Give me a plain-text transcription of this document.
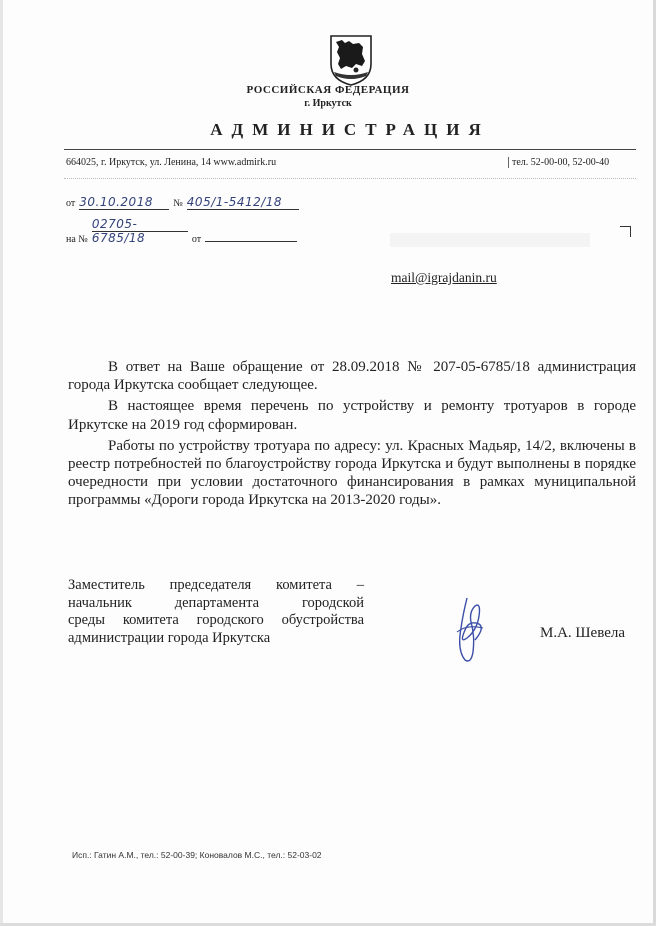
РОССИЙСКАЯ ФЕДЕРАЦИЯ
г. Иркутск
АДМИНИСТРАЦИЯ
664025, г. Иркутск, ул. Ленина, 14 www.admirk.ru	тел. 52-00-00, 52-00-40
от 30.10.2018 № 405/1-5412/18
на № 02705-6785/18	от
mail@igrajdanin.ru

В ответ на Ваше обращение от 28.09.2018 № 207-05-6785/18 администрация города Иркутска сообщает следующее.

В настоящее время перечень по устройству и ремонту тротуаров в городе Иркутске на 2019 год сформирован.

Работы по устройству тротуара по адресу: ул. Красных Мадьяр, 14/2, включены в реестр потребностей по благоустройству города Иркутска и будут выполнены в порядке очередности при условии достаточного финансирования в рамках муниципальной программы «Дороги города Иркутска на 2013-2020 годы».

Заместитель председателя комитета –
начальник департамента городской
среды комитета городского обустройства
администрации города Иркутска	М.А. Шевела
Исп.: Гатин А.М., тел.: 52-00-39; Коновалов М.С., тел.: 52-03-02
